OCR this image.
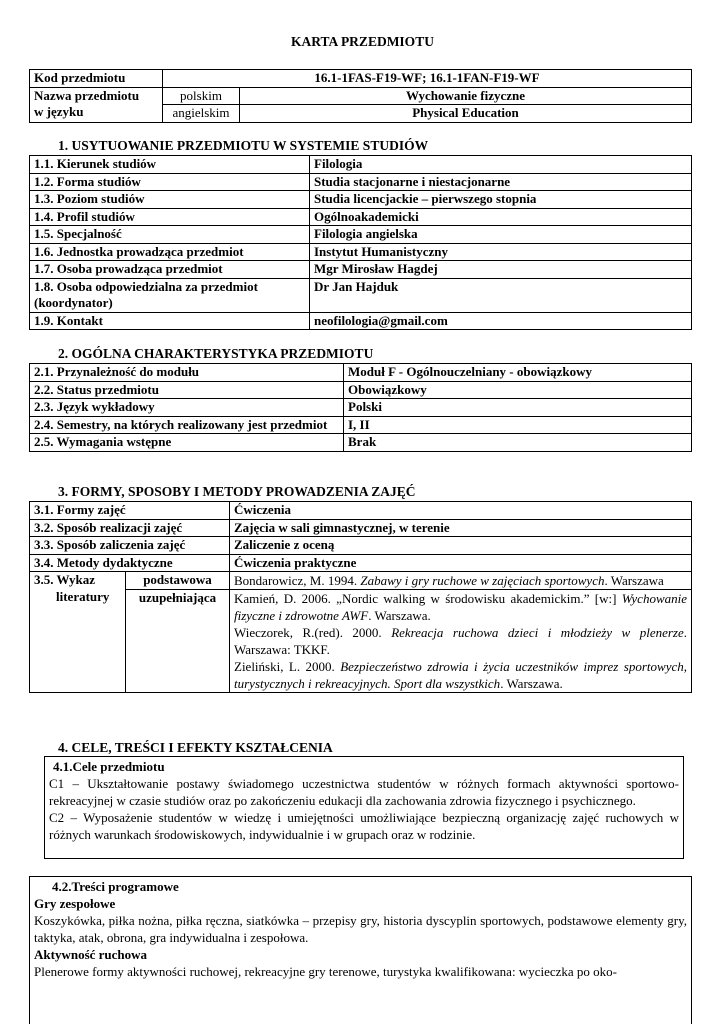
KARTA PRZEDMIOTU
Kod przedmiotu	16.1-1FAS-F19-WF; 16.1-1FAN-F19-WF	

Nazwa przedmiotu
w języku	polskim	Wychowanie fizyczne
	angielskim	Physical Education
1. USYTUOWANIE PRZEDMIOTU W SYSTEMIE STUDIÓW
1.1. Kierunek studiów	Filologia
1.2. Forma studiów	Studia stacjonarne i niestacjonarne
1.3. Poziom studiów	Studia licencjackie – pierwszego stopnia
1.4. Profil studiów	Ogólnoakademicki
1.5. Specjalność	Filologia angielska
1.6. Jednostka prowadząca przedmiot	Instytut Humanistyczny
1.7. Osoba prowadząca przedmiot	Mgr Mirosław Hagdej
1.8. Osoba odpowiedzialna za przedmiot (koordynator)	Dr Jan Hajduk
1.9. Kontakt	neofilologia@gmail.com
2. OGÓLNA CHARAKTERYSTYKA PRZEDMIOTU
2.1. Przynależność do modułu	Moduł F - Ogólnouczelniany - obowiązkowy
2.2. Status przedmiotu	Obowiązkowy
2.3. Język wykładowy	Polski
2.4. Semestry, na których realizowany jest przedmiot	I, II
2.5. Wymagania wstępne	Brak
3. FORMY, SPOSOBY I METODY PROWADZENIA ZAJĘĆ
3.1. Formy zajęć		Ćwiczenia
3.2. Sposób realizacji zajęć		Zajęcia w sali gimnastycznej, w terenie
3.3. Sposób zaliczenia zajęć		Zaliczenie z oceną
3.4. Metody dydaktyczne		Ćwiczenia praktyczne

3.5. Wykaz
literatury	podstawowa	Bondarowicz, M. 1994. Zabawy i gry ruchowe w zajęciach sportowych. Warszawa
	uzupełniająca	Kamień, D. 2006. „Nordic walking w środowisku akademickim.” [w:] Wychowanie fizyczne i zdrowotne AWF. Warszawa.

Wieczorek, R.(red). 2000. Rekreacja ruchowa dzieci i młodzieży w plenerze. Warszawa: TKKF.

Zieliński, L. 2000. Bezpieczeństwo zdrowia i życia uczestników imprez sportowych, turystycznych i rekreacyjnych. Sport dla wszystkich. Warszawa.

4. CELE, TREŚCI I EFEKTY KSZTAŁCENIA
4.1.Cele przedmiotu

C1 – Ukształtowanie postawy świadomego uczestnictwa studentów w różnych formach aktywności sportowo-rekreacyjnej w czasie studiów oraz po zakończeniu edukacji dla zachowania zdrowia fizycznego i psychicznego.

C2 – Wyposażenie studentów w wiedzę i umiejętności umożliwiające bezpieczną organizację zajęć ruchowych w różnych warunkach środowiskowych, indywidualnie i w grupach oraz w rodzinie.

4.2.Treści programowe
Gry zespołowe

Koszykówka, piłka nożna, piłka ręczna, siatkówka – przepisy gry, historia dyscyplin sportowych, podstawowe elementy gry, taktyka, atak, obrona, gra indywidualna i zespołowa.

Aktywność ruchowa

Plenerowe formy aktywności ruchowej, rekreacyjne gry terenowe, turystyka kwalifikowana: wycieczka po oko-
